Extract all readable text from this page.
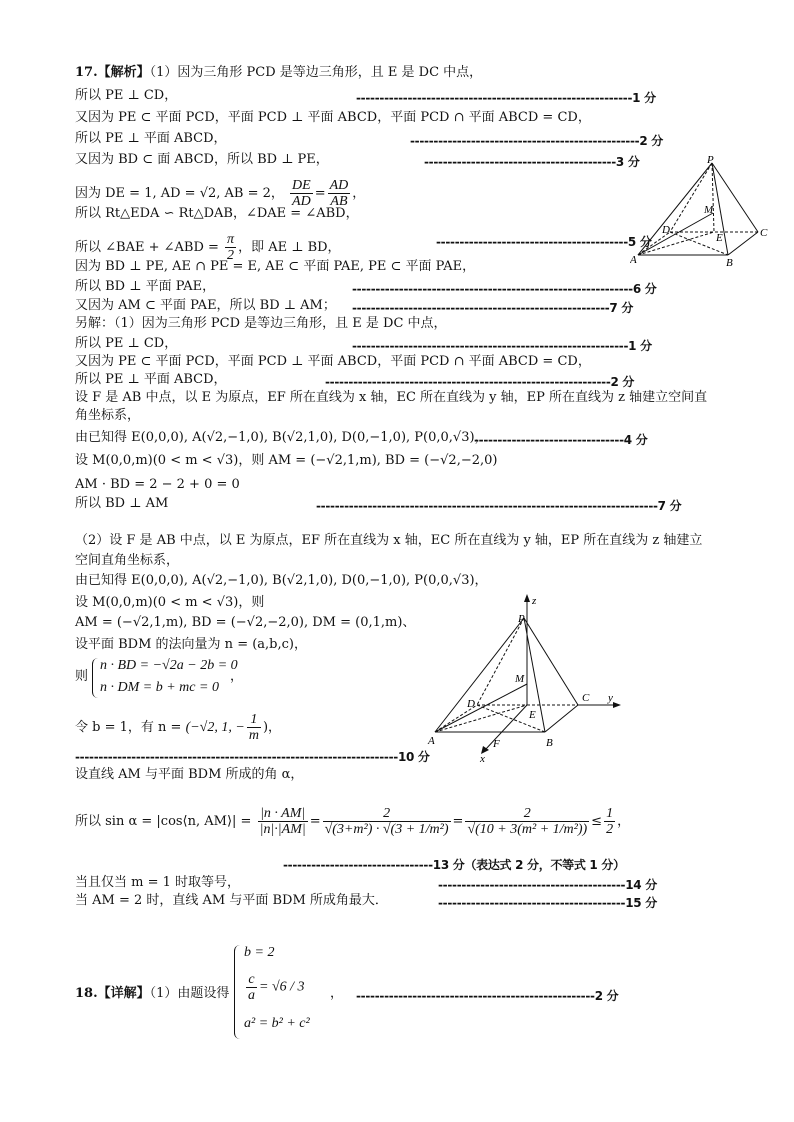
17.【解析】（1）因为三角形 PCD 是等边三角形，且 E 是 DC 中点，
所以 PE ⊥ CD，	-----------------------------------------------------------1 分
又因为 PE ⊂ 平面 PCD，平面 PCD ⊥ 平面 ABCD，平面 PCD ∩ 平面 ABCD = CD，
所以 PE ⊥ 平面 ABCD，	-------------------------------------------------2 分
又因为 BD ⊂ 面 ABCD，所以 BD ⊥ PE，	-----------------------------------------3 分
因为 DE = 1, AD = √2, AB = 2， $\frac{DE}{AD} = \frac{AD}{AB}$ ，
所以 Rt△EDA ∽ Rt△DAB，∠DAE = ∠ABD，
所以 ∠BAE + ∠ABD = $\frac{\pi}{2}$ ，即 AE ⊥ BD，	-----------------------------------------5 分
因为 BD ⊥ PE, AE ∩ PE = E, AE ⊂ 平面 PAE, PE ⊂ 平面 PAE，
所以 BD ⊥ 平面 PAE，	------------------------------------------------------------6 分
又因为 AM ⊂ 平面 PAE，所以 BD ⊥ AM； -------------------------------------------------------7 分
另解：（1）因为三角形 PCD 是等边三角形，且 E 是 DC 中点，
所以 PE ⊥ CD，	-----------------------------------------------------------1 分
又因为 PE ⊂ 平面 PCD，平面 PCD ⊥ 平面 ABCD，平面 PCD ∩ 平面 ABCD = CD，
所以 PE ⊥ 平面 ABCD，	-------------------------------------------------------------2 分
设 F 是 AB 中点，以 E 为原点，EF 所在直线为 x 轴，EC 所在直线为 y 轴，EP 所在直线为 z 轴建立空间直
角坐标系，
由已知得 E(0,0,0), A(√2,−1,0), B(√2,1,0), D(0,−1,0), P(0,0,√3)，
--------------------------------4 分
设 M(0,0,m)(0 < m < √3)，则 AM = (−√2,1,m), BD = (−√2,−2,0)
AM · BD = 2 − 2 + 0 = 0
所以 BD ⊥ AM	-------------------------------------------------------------------------7 分
（2）设 F 是 AB 中点，以 E 为原点，EF 所在直线为 x 轴，EC 所在直线为 y 轴，EP 所在直线为 z 轴建立
空间直角坐标系，
由已知得 E(0,0,0), A(√2,−1,0), B(√2,1,0), D(0,−1,0), P(0,0,√3)，
设 M(0,0,m)(0 < m < √3)，则
AM = (−√2,1,m), BD = (−√2,−2,0), DM = (0,1,m)、
设平面 BDM 的法向量为 n = (a,b,c)，
则
n · BD = −√2a − 2b = 0
n · DM = b + mc = 0
，
令 b = 1，有 n = (−√2, 1, − $\frac{1}{m}$ )，
---------------------------------------------------------------------10 分
设直线 AM 与平面 BDM 所成的角 α，
所以 sin α = |cos⟨n, AM⟩| = $\frac{|n \cdot AM|}{|n|\cdot|AM|} = \frac{2}{\text{√(3+m²) · √(3 + 1/m²)}} = \frac{2}{\text{√(10 + 3(m² + 1/m²))}} \le \frac{1}{2}$ ，
--------------------------------13 分（表达式 2 分，不等式 1 分）
当且仅当 m = 1 时取等号，	----------------------------------------14 分
当 AM = 2 时，直线 AM 与平面 BDM 所成角最大．	----------------------------------------15 分
18.【详解】（1）由题设得
b = 2
$\frac{c}{a} = √6 / 3$
a² = b² + c²
， ---------------------------------------------------2 分
P
M
D
E	C
A	B
z
P
M
D
E
C y
A	F	B
x
